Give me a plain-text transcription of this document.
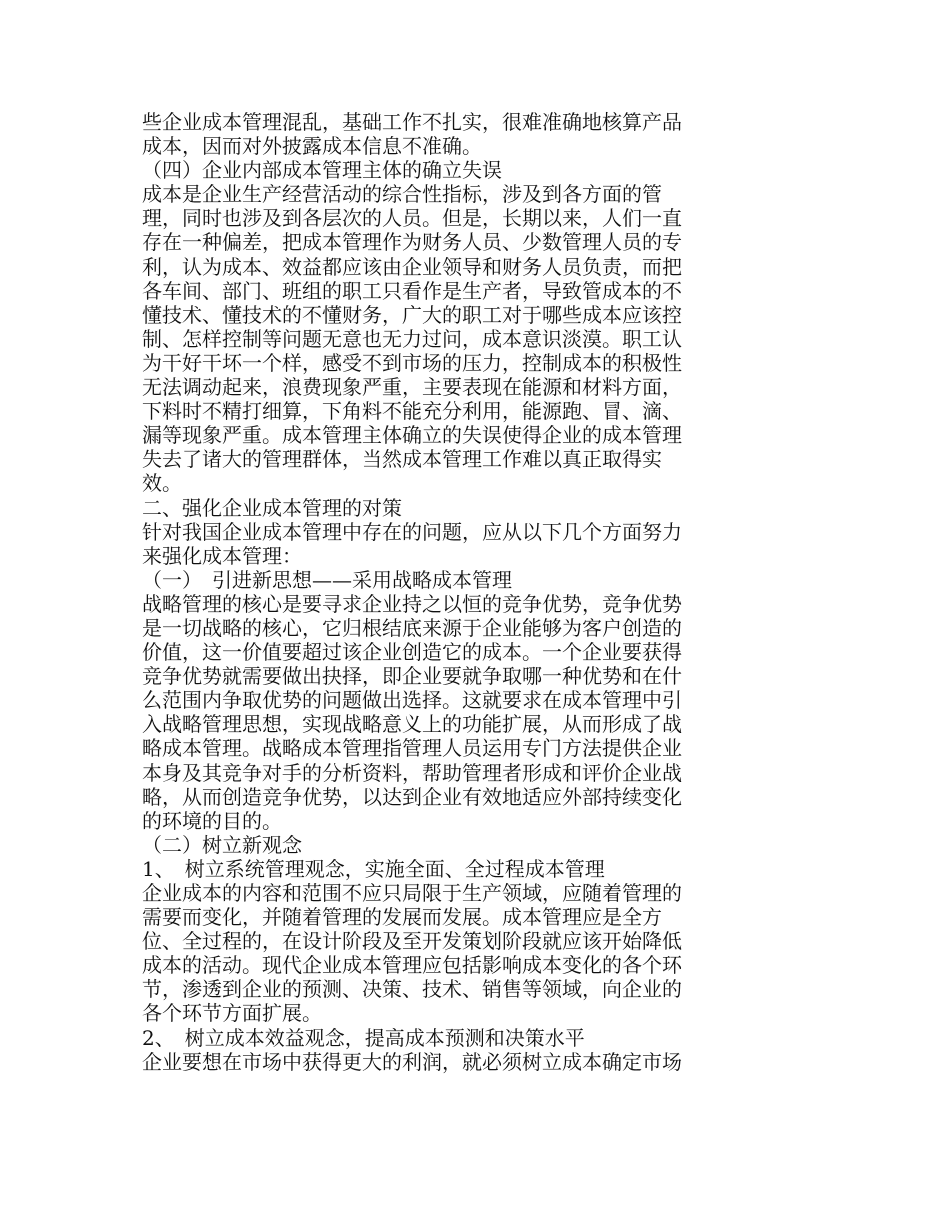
些企业成本管理混乱，基础工作不扎实，很难准确地核算产品

成本，因而对外披露成本信息不准确。

（四）企业内部成本管理主体的确立失误

成本是企业生产经营活动的综合性指标，涉及到各方面的管

理，同时也涉及到各层次的人员。但是，长期以来，人们一直

存在一种偏差，把成本管理作为财务人员、少数管理人员的专

利，认为成本、效益都应该由企业领导和财务人员负责，而把

各车间、部门、班组的职工只看作是生产者，导致管成本的不

懂技术、懂技术的不懂财务，广大的职工对于哪些成本应该控

制、怎样控制等问题无意也无力过问，成本意识淡漠。职工认

为干好干坏一个样，感受不到市场的压力，控制成本的积极性

无法调动起来，浪费现象严重，主要表现在能源和材料方面，

下料时不精打细算，下角料不能充分利用，能源跑、冒、滴、

漏等现象严重。成本管理主体确立的失误使得企业的成本管理

失去了诸大的管理群体，当然成本管理工作难以真正取得实

效。

二、强化企业成本管理的对策

针对我国企业成本管理中存在的问题，应从以下几个方面努力

来强化成本管理：

（一）　引进新思想——采用战略成本管理

战略管理的核心是要寻求企业持之以恒的竞争优势，竞争优势

是一切战略的核心，它归根结底来源于企业能够为客户创造的

价值，这一价值要超过该企业创造它的成本。一个企业要获得

竞争优势就需要做出抉择，即企业要就争取哪一种优势和在什

么范围内争取优势的问题做出选择。这就要求在成本管理中引

入战略管理思想，实现战略意义上的功能扩展，从而形成了战

略成本管理。战略成本管理指管理人员运用专门方法提供企业

本身及其竞争对手的分析资料，帮助管理者形成和评价企业战

略，从而创造竞争优势，以达到企业有效地适应外部持续变化

的环境的目的。

（二）树立新观念

1、　树立系统管理观念，实施全面、全过程成本管理

企业成本的内容和范围不应只局限于生产领域，应随着管理的

需要而变化，并随着管理的发展而发展。成本管理应是全方

位、全过程的，在设计阶段及至开发策划阶段就应该开始降低

成本的活动。现代企业成本管理应包括影响成本变化的各个环

节，渗透到企业的预测、决策、技术、销售等领域，向企业的

各个环节方面扩展。

2、　树立成本效益观念，提高成本预测和决策水平

企业要想在市场中获得更大的利润，就必须树立成本确定市场
